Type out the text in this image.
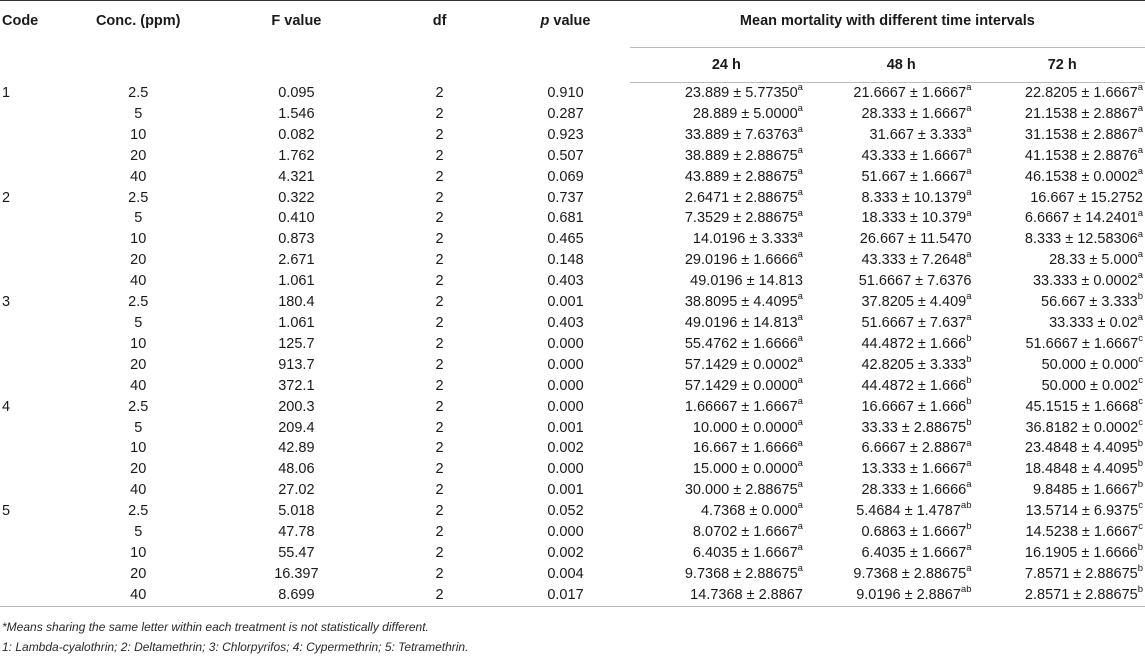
Code	Conc. (ppm)	F value	df	p value	Mean mortality with different time intervals		
					24 h	48 h	72 h
1	2.5	0.095	2	0.910	23.889 ± 5.77350$^a$	21.6667 ± 1.6667$^a$	22.8205 ± 1.6667$^a$
	5	1.546	2	0.287	28.889 ± 5.0000$^a$	28.333 ± 1.6667$^a$	21.1538 ± 2.8867$^a$
	10	0.082	2	0.923	33.889 ± 7.63763$^a$	31.667 ± 3.333$^a$	31.1538 ± 2.8867$^a$
	20	1.762	2	0.507	38.889 ± 2.88675$^a$	43.333 ± 1.6667$^a$	41.1538 ± 2.8876$^a$
	40	4.321	2	0.069	43.889 ± 2.88675$^a$	51.667 ± 1.6667$^a$	46.1538 ± 0.0002$^a$
2	2.5	0.322	2	0.737	2.6471 ± 2.88675$^a$	8.333 ± 10.1379$^a$	16.667 ± 15.2752
	5	0.410	2	0.681	7.3529 ± 2.88675$^a$	18.333 ± 10.379$^a$	6.6667 ± 14.2401$^a$
	10	0.873	2	0.465	14.0196 ± 3.333$^a$	26.667 ± 11.5470	8.333 ± 12.58306$^a$
	20	2.671	2	0.148	29.0196 ± 1.6666$^a$	43.333 ± 7.2648$^a$	28.33 ± 5.000$^a$
	40	1.061	2	0.403	49.0196 ± 14.813	51.6667 ± 7.6376	33.333 ± 0.0002$^a$
3	2.5	180.4	2	0.001	38.8095 ± 4.4095$^a$	37.8205 ± 4.409$^a$	56.667 ± 3.333$^b$
	5	1.061	2	0.403	49.0196 ± 14.813$^a$	51.6667 ± 7.637$^a$	33.333 ± 0.02$^a$
	10	125.7	2	0.000	55.4762 ± 1.6666$^a$	44.4872 ± 1.666$^b$	51.6667 ± 1.6667$^c$
	20	913.7	2	0.000	57.1429 ± 0.0002$^a$	42.8205 ± 3.333$^b$	50.000 ± 0.000$^c$
	40	372.1	2	0.000	57.1429 ± 0.0000$^a$	44.4872 ± 1.666$^b$	50.000 ± 0.002$^c$
4	2.5	200.3	2	0.000	1.66667 ± 1.6667$^a$	16.6667 ± 1.666$^b$	45.1515 ± 1.6668$^c$
	5	209.4	2	0.001	10.000 ± 0.0000$^a$	33.33 ± 2.88675$^b$	36.8182 ± 0.0002$^c$
	10	42.89	2	0.002	16.667 ± 1.6666$^a$	6.6667 ± 2.8867$^a$	23.4848 ± 4.4095$^b$
	20	48.06	2	0.000	15.000 ± 0.0000$^a$	13.333 ± 1.6667$^a$	18.4848 ± 4.4095$^b$
	40	27.02	2	0.001	30.000 ± 2.88675$^a$	28.333 ± 1.6666$^a$	9.8485 ± 1.6667$^b$
5	2.5	5.018	2	0.052	4.7368 ± 0.000$^a$	5.4684 ± 1.4787$^{ab}$	13.5714 ± 6.9375$^c$
	5	47.78	2	0.000	8.0702 ± 1.6667$^a$	0.6863 ± 1.6667$^b$	14.5238 ± 1.6667$^c$
	10	55.47	2	0.002	6.4035 ± 1.6667$^a$	6.4035 ± 1.6667$^a$	16.1905 ± 1.6666$^b$
	20	16.397	2	0.004	9.7368 ± 2.88675$^a$	9.7368 ± 2.88675$^a$	7.8571 ± 2.88675$^b$
	40	8.699	2	0.017	14.7368 ± 2.8867	9.0196 ± 2.8867$^{ab}$	2.8571 ± 2.88675$^b$
*Means sharing the same letter within each treatment is not statistically different.
1: Lambda-cyalothrin; 2: Deltamethrin; 3: Chlorpyrifos; 4: Cypermethrin; 5: Tetramethrin.
